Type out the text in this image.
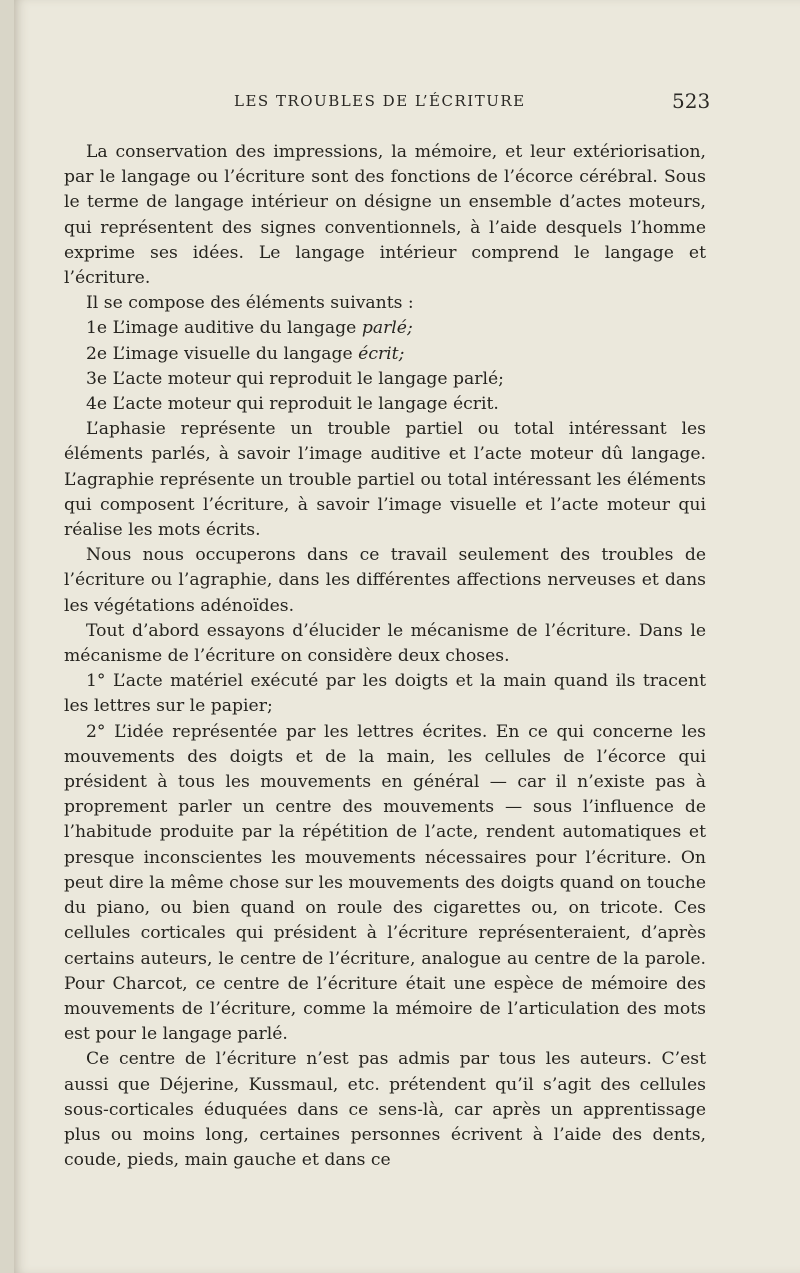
LES TROUBLES DE L’ÉCRITURE	523

La conservation des impressions, la mémoire, et leur extériorisation, par le langage ou l’écriture sont des fonctions de l’écorce cérébral. Sous le terme de langage intérieur on désigne un ensemble d’actes moteurs, qui représentent des signes conventionnels, à l’aide desquels l’homme exprime ses idées. Le langage intérieur comprend le langage et l’écriture.

Il se compose des éléments suivants :

1e L’image auditive du langage parlé;

2e L’image visuelle du langage écrit;

3e L’acte moteur qui reproduit le langage parlé;

4e L’acte moteur qui reproduit le langage écrit.

L’aphasie représente un trouble partiel ou total intéressant les éléments parlés, à savoir l’image auditive et l’acte moteur dû langage. L’agraphie représente un trouble partiel ou total intéressant les éléments qui composent l’écriture, à savoir l’image visuelle et l’acte moteur qui réalise les mots écrits.

Nous nous occuperons dans ce travail seulement des troubles de l’écriture ou l’agraphie, dans les différentes affections nerveuses et dans les végétations adénoïdes.

Tout d’abord essayons d’élucider le mécanisme de l’écriture. Dans le mécanisme de l’écriture on considère deux choses.

1° L’acte matériel exécuté par les doigts et la main quand ils tracent les lettres sur le papier;

2° L’idée représentée par les lettres écrites. En ce qui concerne les mouvements des doigts et de la main, les cellules de l’écorce qui président à tous les mouvements en général — car il n’existe pas à proprement parler un centre des mouvements — sous l’influence de l’habitude produite par la répétition de l’acte, rendent automatiques et presque inconscientes les mouvements nécessaires pour l’écriture. On peut dire la même chose sur les mouvements des doigts quand on touche du piano, ou bien quand on roule des cigarettes ou, on tricote. Ces cellules corticales qui président à l’écriture représenteraient, d’après certains auteurs, le centre de l’écriture, analogue au centre de la parole. Pour Charcot, ce centre de l’écriture était une espèce de mémoire des mouvements de l’écriture, comme la mémoire de l’articulation des mots est pour le langage parlé.

Ce centre de l’écriture n’est pas admis par tous les auteurs. C’est aussi que Déjerine, Kussmaul, etc. prétendent qu’il s’agit des cellules sous-corticales éduquées dans ce sens-là, car après un apprentissage plus ou moins long, certaines personnes écrivent à l’aide des dents, coude, pieds, main gauche et dans ce
